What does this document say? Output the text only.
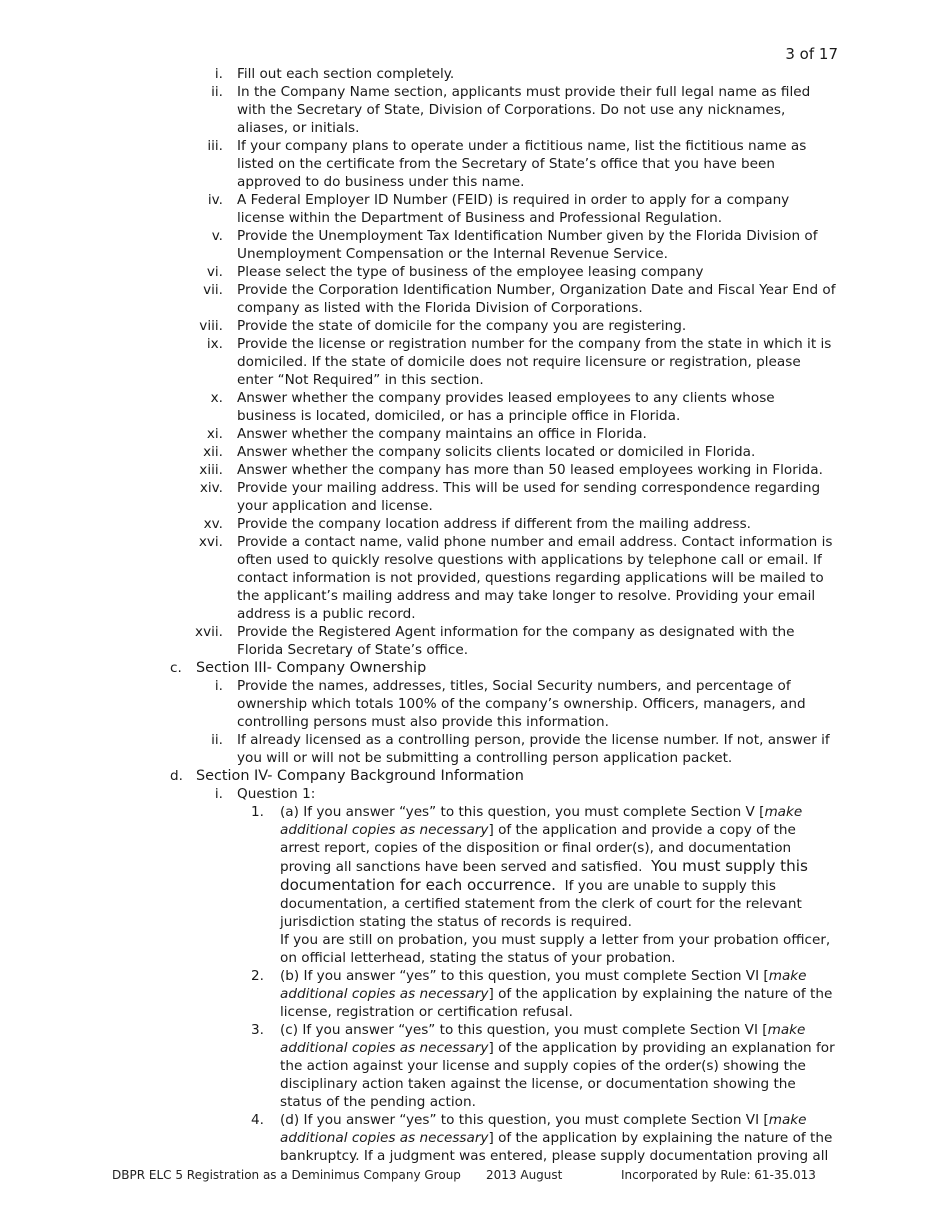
3 of 17
i. Fill out each section completely.
ii. In the Company Name section, applicants must provide their full legal name as filed with the Secretary of State, Division of Corporations. Do not use any nicknames, aliases, or initials.
iii. If your company plans to operate under a fictitious name, list the fictitious name as listed on the certificate from the Secretary of State’s office that you have been approved to do business under this name.
iv. A Federal Employer ID Number (FEID) is required in order to apply for a company license within the Department of Business and Professional Regulation.
v. Provide the Unemployment Tax Identification Number given by the Florida Division of Unemployment Compensation or the Internal Revenue Service.
vi. Please select the type of business of the employee leasing company
vii. Provide the Corporation Identification Number, Organization Date and Fiscal Year End of company as listed with the Florida Division of Corporations.
viii. Provide the state of domicile for the company you are registering.
ix. Provide the license or registration number for the company from the state in which it is domiciled. If the state of domicile does not require licensure or registration, please enter “Not Required” in this section.
x. Answer whether the company provides leased employees to any clients whose business is located, domiciled, or has a principle office in Florida.
xi. Answer whether the company maintains an office in Florida.
xii. Answer whether the company solicits clients located or domiciled in Florida.
xiii. Answer whether the company has more than 50 leased employees working in Florida.
xiv. Provide your mailing address. This will be used for sending correspondence regarding your application and license.
xv. Provide the company location address if different from the mailing address.
xvi. Provide a contact name, valid phone number and email address. Contact information is often used to quickly resolve questions with applications by telephone call or email. If contact information is not provided, questions regarding applications will be mailed to the applicant’s mailing address and may take longer to resolve. Providing your email address is a public record.
xvii. Provide the Registered Agent information for the company as designated with the Florida Secretary of State’s office.
c. Section III- Company Ownership
i. Provide the names, addresses, titles, Social Security numbers, and percentage of ownership which totals 100% of the company’s ownership. Officers, managers, and controlling persons must also provide this information.
ii. If already licensed as a controlling person, provide the license number. If not, answer if you will or will not be submitting a controlling person application packet.
d. Section IV- Company Background Information
i. Question 1:
1. (a) If you answer “yes” to this question, you must complete Section V [make additional copies as necessary] of the application and provide a copy of the arrest report, copies of the disposition or final order(s), and documentation proving all sanctions have been served and satisfied. You must supply this documentation for each occurrence. If you are unable to supply this documentation, a certified statement from the clerk of court for the relevant jurisdiction stating the status of records is required.
If you are still on probation, you must supply a letter from your probation officer, on official letterhead, stating the status of your probation.
2. (b) If you answer “yes” to this question, you must complete Section VI [make additional copies as necessary] of the application by explaining the nature of the license, registration or certification refusal.
3. (c) If you answer “yes” to this question, you must complete Section VI [make additional copies as necessary] of the application by providing an explanation for the action against your license and supply copies of the order(s) showing the disciplinary action taken against the license, or documentation showing the status of the pending action.
4. (d) If you answer “yes” to this question, you must complete Section VI [make additional copies as necessary] of the application by explaining the nature of the bankruptcy. If a judgment was entered, please supply documentation proving all
DBPR ELC 5 Registration as a Deminimus Company Group 2013 August	Incorporated by Rule: 61-35.013
